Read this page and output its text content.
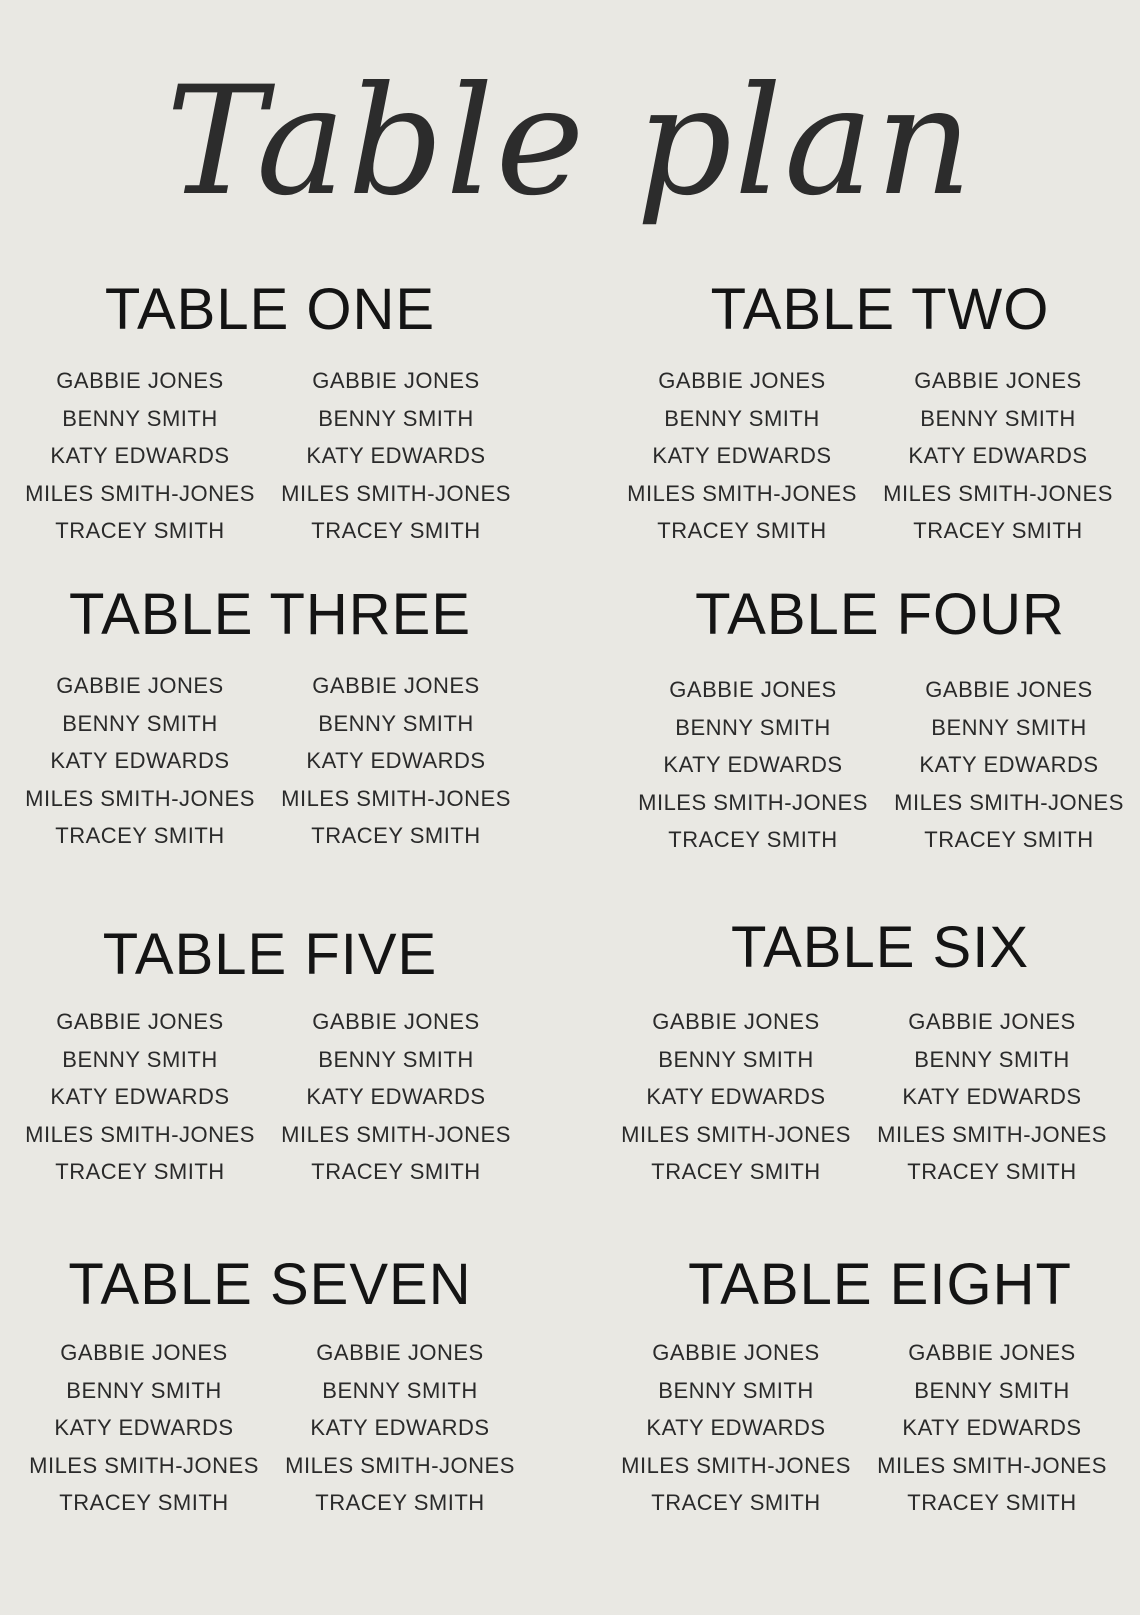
Table plan
TABLE ONE
GABBIE JONES
BENNY SMITH
KATY EDWARDS
MILES SMITH-JONES
TRACEY SMITH
GABBIE JONES
BENNY SMITH
KATY EDWARDS
MILES SMITH-JONES
TRACEY SMITH
TABLE TWO
GABBIE JONES
BENNY SMITH
KATY EDWARDS
MILES SMITH-JONES
TRACEY SMITH
GABBIE JONES
BENNY SMITH
KATY EDWARDS
MILES SMITH-JONES
TRACEY SMITH
TABLE THREE
GABBIE JONES
BENNY SMITH
KATY EDWARDS
MILES SMITH-JONES
TRACEY SMITH
GABBIE JONES
BENNY SMITH
KATY EDWARDS
MILES SMITH-JONES
TRACEY SMITH
TABLE FOUR
GABBIE JONES
BENNY SMITH
KATY EDWARDS
MILES SMITH-JONES
TRACEY SMITH
GABBIE JONES
BENNY SMITH
KATY EDWARDS
MILES SMITH-JONES
TRACEY SMITH
TABLE FIVE
GABBIE JONES
BENNY SMITH
KATY EDWARDS
MILES SMITH-JONES
TRACEY SMITH
GABBIE JONES
BENNY SMITH
KATY EDWARDS
MILES SMITH-JONES
TRACEY SMITH
TABLE SIX
GABBIE JONES
BENNY SMITH
KATY EDWARDS
MILES SMITH-JONES
TRACEY SMITH
GABBIE JONES
BENNY SMITH
KATY EDWARDS
MILES SMITH-JONES
TRACEY SMITH
TABLE SEVEN
GABBIE JONES
BENNY SMITH
KATY EDWARDS
MILES SMITH-JONES
TRACEY SMITH
GABBIE JONES
BENNY SMITH
KATY EDWARDS
MILES SMITH-JONES
TRACEY SMITH
TABLE EIGHT
GABBIE JONES
BENNY SMITH
KATY EDWARDS
MILES SMITH-JONES
TRACEY SMITH
GABBIE JONES
BENNY SMITH
KATY EDWARDS
MILES SMITH-JONES
TRACEY SMITH
